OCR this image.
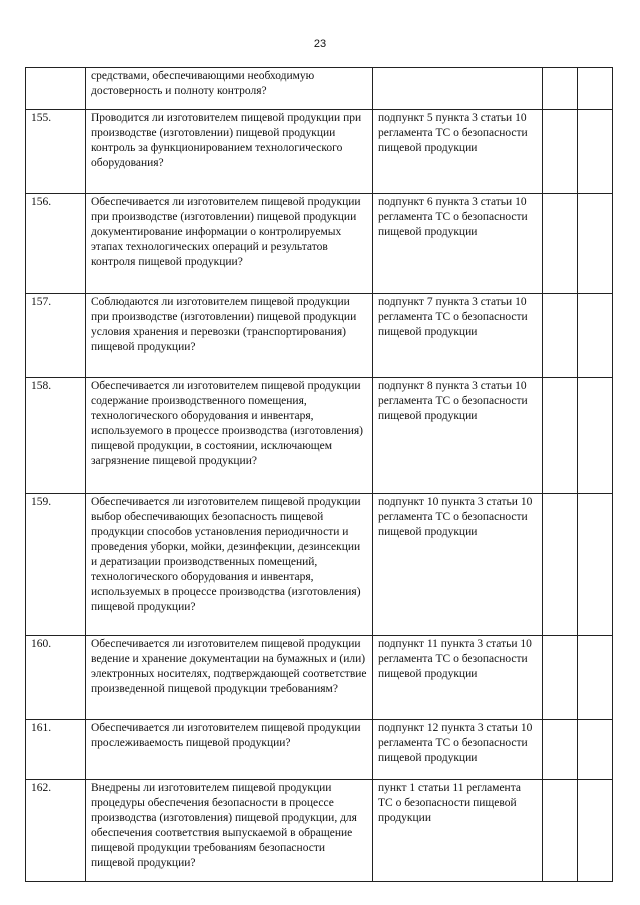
23
	средствами, обеспечивающими необходимую достоверность и полноту контроля?			
155.	Проводится ли изготовителем пищевой продукции при производстве (изготовлении) пищевой продукции контроль за функционированием технологического оборудования?	подпункт 5 пункта 3 статьи 10 регламента ТС о безопасности пищевой продукции		
156.	Обеспечивается ли изготовителем пищевой продукции при производстве (изготовлении) пищевой продукции документирование информации о контролируемых этапах технологических операций и результатов контроля пищевой продукции?	подпункт 6 пункта 3 статьи 10 регламента ТС о безопасности пищевой продукции		
157.	Соблюдаются ли изготовителем пищевой продукции при производстве (изготовлении) пищевой продукции условия хранения и перевозки (транспортирования) пищевой продукции?	подпункт 7 пункта 3 статьи 10 регламента ТС о безопасности пищевой продукции		
158.	Обеспечивается ли изготовителем пищевой продукции содержание производственного помещения, технологического оборудования и инвентаря, используемого в процессе производства (изготовления) пищевой продукции, в состоянии, исключающем загрязнение пищевой продукции?	подпункт 8 пункта 3 статьи 10 регламента ТС о безопасности пищевой продукции		
159.	Обеспечивается ли изготовителем пищевой продукции выбор обеспечивающих безопасность пищевой продукции способов установления периодичности и проведения уборки, мойки, дезинфекции, дезинсекции и дератизации производственных помещений, технологического оборудования и инвентаря, используемых в процессе производства (изготовления) пищевой продукции?	подпункт 10 пункта 3 статьи 10 регламента ТС о безопасности пищевой продукции		
160.	Обеспечивается ли изготовителем пищевой продукции ведение и хранение документации на бумажных и (или) электронных носителях, подтверждающей соответствие произведенной пищевой продукции требованиям?	подпункт 11 пункта 3 статьи 10 регламента ТС о безопасности пищевой продукции		
161.	Обеспечивается ли изготовителем пищевой продукции прослеживаемость пищевой продукции?	подпункт 12 пункта 3 статьи 10 регламента ТС о безопасности пищевой продукции		
162.	Внедрены ли изготовителем пищевой продукции процедуры обеспечения безопасности в процессе производства (изготовления) пищевой продукции, для обеспечения соответствия выпускаемой в обращение пищевой продукции требованиям безопасности пищевой продукции?	пункт 1 статьи 11 регламента ТС о безопасности пищевой продукции		
